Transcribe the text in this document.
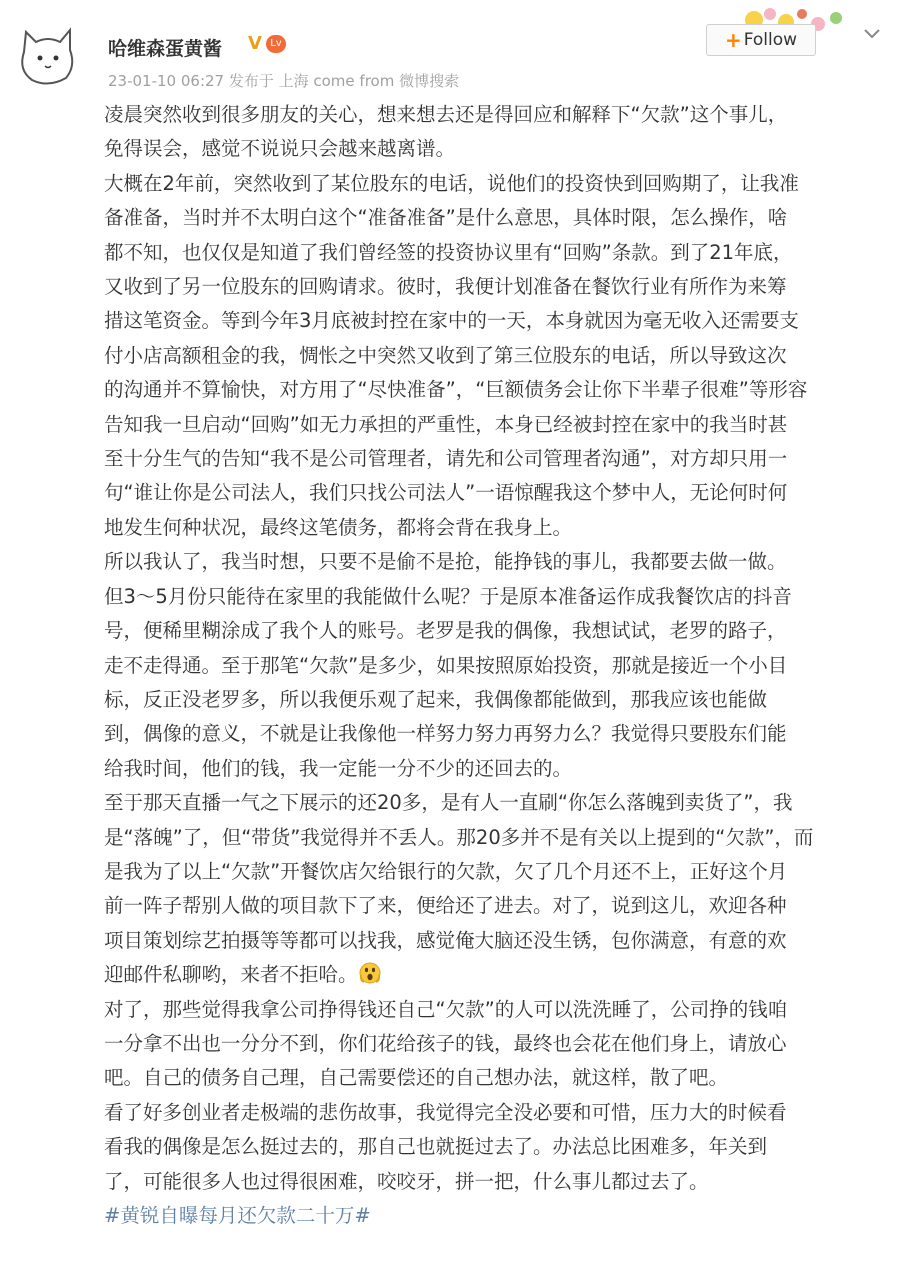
哈维森蛋黄酱 V Lv
23-01-10 06:27 发布于 上海 come from 微博搜索
+ Follow

凌晨突然收到很多朋友的关心，想来想去还是得回应和解释下“欠款”这个事儿，

免得误会，感觉不说说只会越来越离谱。

大概在2年前，突然收到了某位股东的电话，说他们的投资快到回购期了，让我准

备准备，当时并不太明白这个“准备准备”是什么意思，具体时限，怎么操作，啥

都不知，也仅仅是知道了我们曾经签的投资协议里有“回购”条款。到了21年底，

又收到了另一位股东的回购请求。彼时，我便计划准备在餐饮行业有所作为来筹

措这笔资金。等到今年3月底被封控在家中的一天，本身就因为毫无收入还需要支

付小店高额租金的我，惆怅之中突然又收到了第三位股东的电话，所以导致这次

的沟通并不算愉快，对方用了“尽快准备”，“巨额债务会让你下半辈子很难”等形容

告知我一旦启动“回购”如无力承担的严重性，本身已经被封控在家中的我当时甚

至十分生气的告知“我不是公司管理者，请先和公司管理者沟通”，对方却只用一

句“谁让你是公司法人，我们只找公司法人”一语惊醒我这个梦中人，无论何时何

地发生何种状况，最终这笔债务，都将会背在我身上。

所以我认了，我当时想，只要不是偷不是抢，能挣钱的事儿，我都要去做一做。

但3～5月份只能待在家里的我能做什么呢？于是原本准备运作成我餐饮店的抖音

号，便稀里糊涂成了我个人的账号。老罗是我的偶像，我想试试，老罗的路子，

走不走得通。至于那笔“欠款”是多少，如果按照原始投资，那就是接近一个小目

标，反正没老罗多，所以我便乐观了起来，我偶像都能做到，那我应该也能做

到，偶像的意义，不就是让我像他一样努力努力再努力么？我觉得只要股东们能

给我时间，他们的钱，我一定能一分不少的还回去的。

至于那天直播一气之下展示的还20多，是有人一直刷“你怎么落魄到卖货了”，我

是“落魄”了，但“带货”我觉得并不丢人。那20多并不是有关以上提到的“欠款”，而

是我为了以上“欠款”开餐饮店欠给银行的欠款，欠了几个月还不上，正好这个月

前一阵子帮别人做的项目款下了来，便给还了进去。对了，说到这儿，欢迎各种

项目策划综艺拍摄等等都可以找我，感觉俺大脑还没生锈，包你满意，有意的欢

迎邮件私聊哟，来者不拒哈。

对了，那些觉得我拿公司挣得钱还自己“欠款”的人可以洗洗睡了，公司挣的钱咱

一分拿不出也一分分不到，你们花给孩子的钱，最终也会花在他们身上，请放心

吧。自己的债务自己理，自己需要偿还的自己想办法，就这样，散了吧。

看了好多创业者走极端的悲伤故事，我觉得完全没必要和可惜，压力大的时候看

看我的偶像是怎么挺过去的，那自己也就挺过去了。办法总比困难多，年关到

了，可能很多人也过得很困难，咬咬牙，拼一把，什么事儿都过去了。

#黄锐自曝每月还欠款二十万#
